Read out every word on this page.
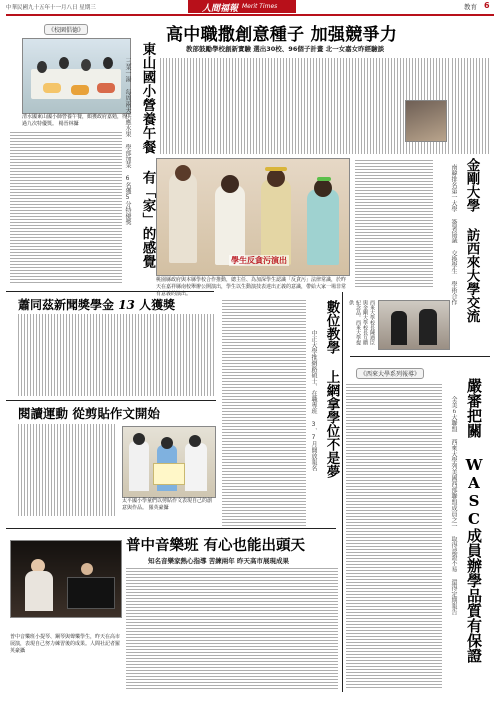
中華民國九十五年十一月八日 星期三	人間福報 Merit Times	教育 6
《校園倡德》
清水國東山國小師營養午餐，頗獲政府嘉勉，得過九次特優獎。 楊晉林攝	東山國小營養午餐 有「家」的感覺
三菜一湯 每周兩天供應水果 學部加菜 6名獲5分特優獎
高中職撒創意種子 加强競爭力
教部鼓勵學校創新實驗 選出30校、96個子計畫 北一女嘉女昨經驗談
學生反貪污演出
桃園縣政府與本縣學校合作推動，總主任、為加深學生認識「反貪污」法律常識，於昨天在嘉祥縣南校舉辦公開演出，學生以生動演技表達出正義的意識，帶給大家一場非常有意義的演出。	金剛大學 訪西來大學交流
南韓排名第一大學 簽署協議 交換學生 學術合作
西來大學校長陳迺臣與金剛大學校長互贈紀念品。西來大學提供
蕭同茲新聞獎學金 13 人獲獎
閱讀運動 從剪貼作文開始
太平國小學童們以剪貼作文表現自己的創意與作品。 羅英豪攝
數位教學 上網拿學位不是夢
中正大學推網路碩士、在職專班 3、7月開放報名	《西來大學系列報導》
嚴審把關 WASC成員辦學品質有保證
全美６大聯盟 西來大學列美國西部聯盟成員之一 取得認證不易 還得定期報告
普中音樂班 有心也能出頭天
知名音樂家熱心指導 苦練兩年 昨天高市展現成果
普中音樂班小提琴、鋼琴與聲樂學生，昨天在高市展演，表現自己努力練習後的成果。人間社記者羅英豪攝
